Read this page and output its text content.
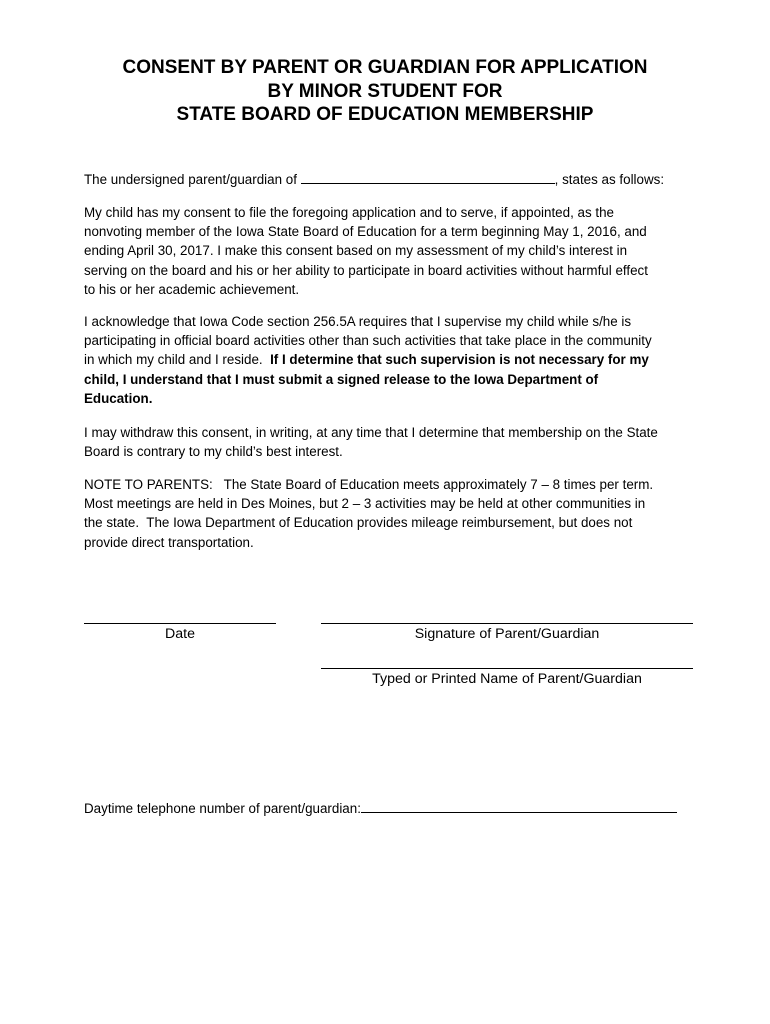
CONSENT BY PARENT OR GUARDIAN FOR APPLICATION
BY MINOR STUDENT FOR
STATE BOARD OF EDUCATION MEMBERSHIP

The undersigned parent/guardian of	, states as follows:

My child has my consent to file the foregoing application and to serve, if appointed, as the
nonvoting member of the Iowa State Board of Education for a term beginning May 1, 2016, and
ending April 30, 2017. I make this consent based on my assessment of my child’s interest in
serving on the board and his or her ability to participate in board activities without harmful effect
to his or her academic achievement.

I acknowledge that Iowa Code section 256.5A requires that I supervise my child while s/he is
participating in official board activities other than such activities that take place in the community
in which my child and I reside.  If I determine that such supervision is not necessary for my
child, I understand that I must submit a signed release to the Iowa Department of
Education.

I may withdraw this consent, in writing, at any time that I determine that membership on the State
Board is contrary to my child’s best interest.

NOTE TO PARENTS:   The State Board of Education meets approximately 7 – 8 times per term.
Most meetings are held in Des Moines, but 2 – 3 activities may be held at other communities in
the state.  The Iowa Department of Education provides mileage reimbursement, but does not
provide direct transportation.

Date	Signature of Parent/Guardian
Typed or Printed Name of Parent/Guardian
Daytime telephone number of parent/guardian:
